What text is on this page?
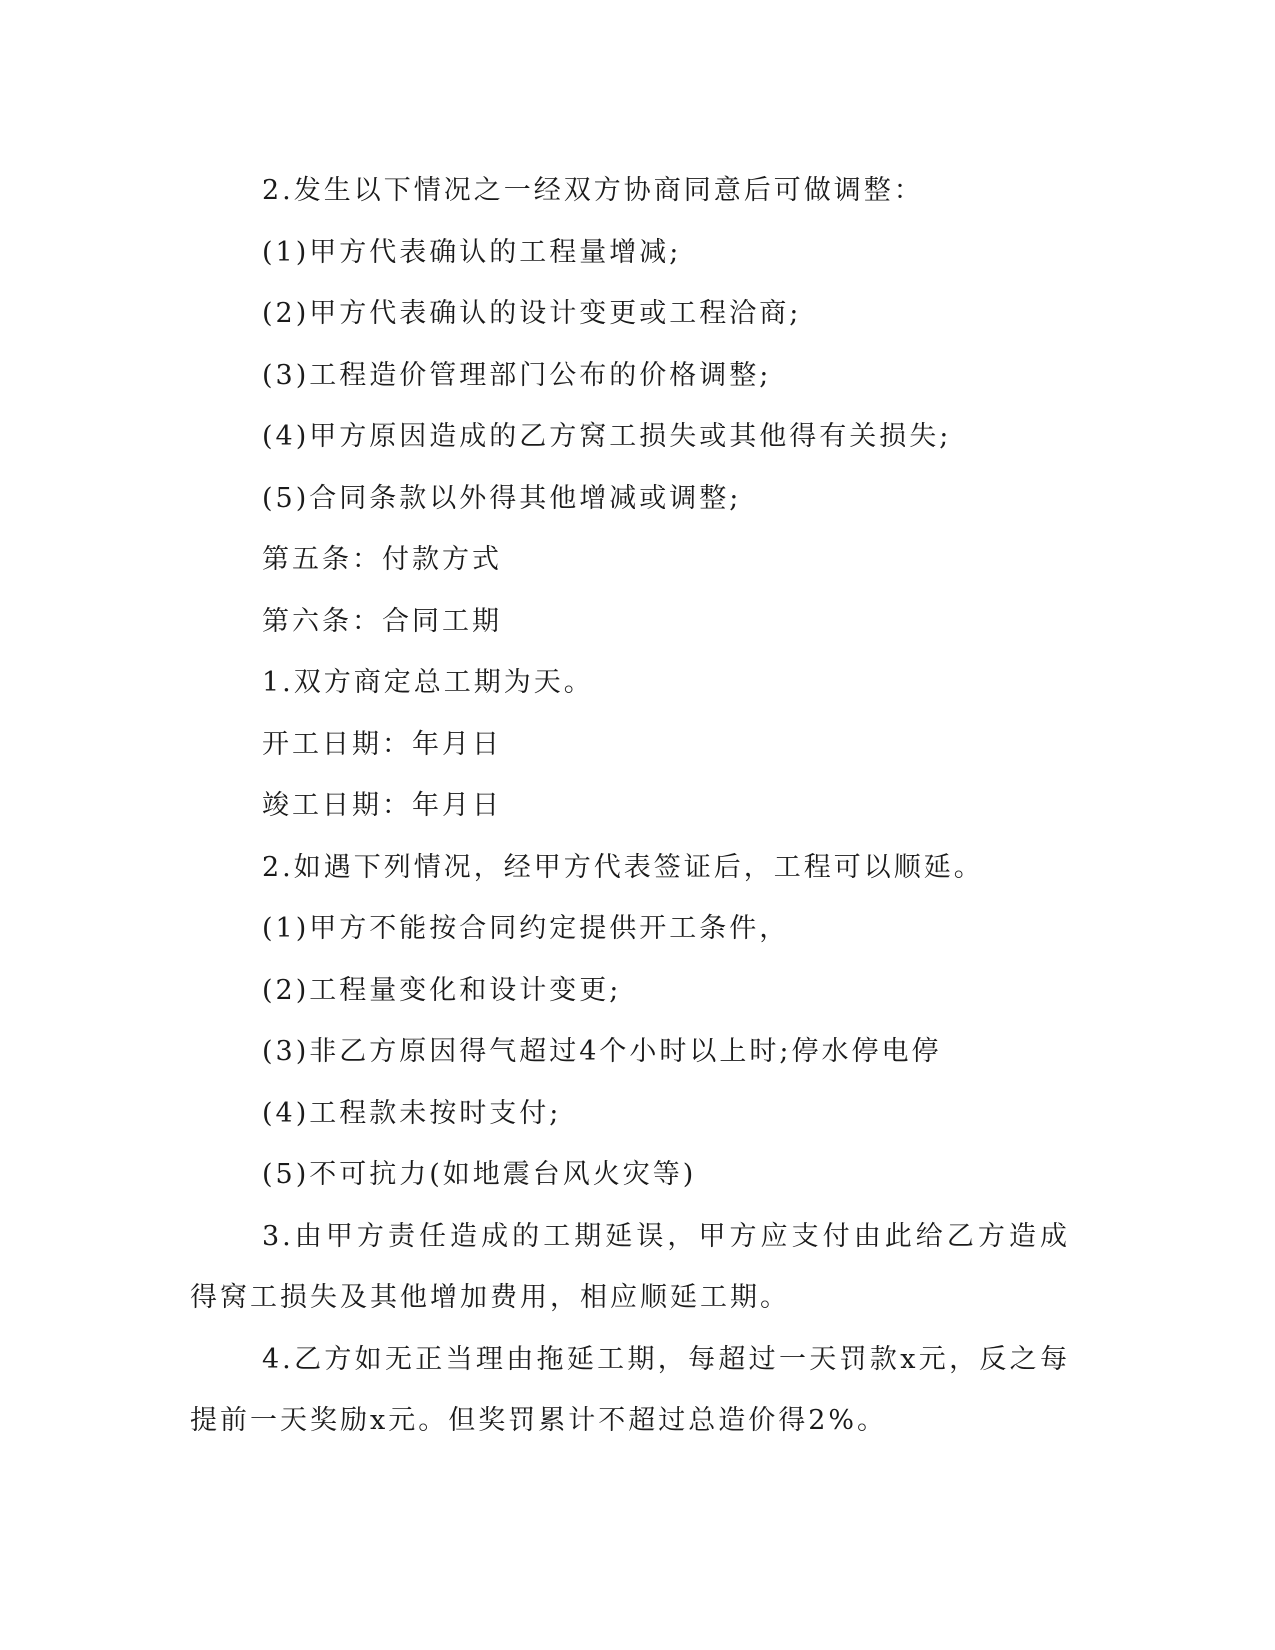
2.发生以下情况之一经双方协商同意后可做调整：

(1)甲方代表确认的工程量增减;

(2)甲方代表确认的设计变更或工程洽商;

(3)工程造价管理部门公布的价格调整;

(4)甲方原因造成的乙方窝工损失或其他得有关损失;

(5)合同条款以外得其他增减或调整;

第五条：付款方式

第六条：合同工期

1.双方商定总工期为天。

开工日期：年月日

竣工日期：年月日

2.如遇下列情况，经甲方代表签证后，工程可以顺延。

(1)甲方不能按合同约定提供开工条件，

(2)工程量变化和设计变更;

(3)非乙方原因得气超过4个小时以上时;停水停电停

(4)工程款未按时支付;

(5)不可抗力(如地震台风火灾等)

3.由甲方责任造成的工期延误，甲方应支付由此给乙方造成得窝工损失及其他增加费用，相应顺延工期。

4.乙方如无正当理由拖延工期，每超过一天罚款x元，反之每提前一天奖励x元。但奖罚累计不超过总造价得2%。
